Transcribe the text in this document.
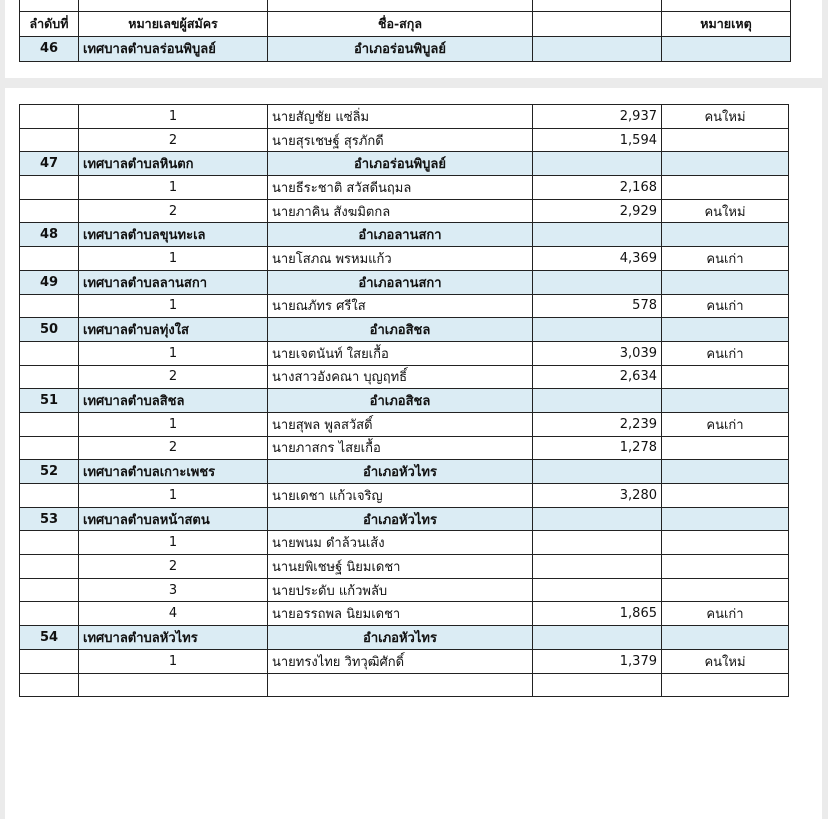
ลำดับที่	หมายเลขผู้สมัคร	ชื่อ-สกุล		หมายเหตุ
46	เทศบาลตำบลร่อนพิบูลย์	อำเภอร่อนพิบูลย์		
	1	นายสัญชัย แซ่ลิ่ม	2,937	คนใหม่
	2	นายสุรเชษฐ์ สุรภักดี	1,594	
47	เทศบาลตำบลหินตก	อำเภอร่อนพิบูลย์		
	1	นายธีระชาติ สวัสดีนฤมล	2,168	
	2	นายภาคิน สังฆมิตกล	2,929	คนใหม่
48	เทศบาลตำบลขุนทะเล	อำเภอลานสกา		
	1	นายโสภณ พรหมแก้ว	4,369	คนเก่า
49	เทศบาลตำบลลานสกา	อำเภอลานสกา		
	1	นายณภัทร ศรีใส	578	คนเก่า
50	เทศบาลตำบลทุ่งใส	อำเภอสิชล		
	1	นายเจตนันท์ ใสยเกื้อ	3,039	คนเก่า
	2	นางสาวอังคณา บุญฤทธิ์	2,634	
51	เทศบาลตำบลสิชล	อำเภอสิชล		
	1	นายสุพล พูลสวัสดิ์	2,239	คนเก่า
	2	นายภาสกร ไสยเกื้อ	1,278	
52	เทศบาลตำบลเกาะเพชร	อำเภอหัวไทร		
	1	นายเดชา แก้วเจริญ	3,280	
53	เทศบาลตำบลหน้าสตน	อำเภอหัวไทร		
	1	นายพนม ดำล้วนเส้ง		
	2	นานยพิเชษฐ์ นิยมเดชา		
	3	นายประดับ แก้วพลับ		
	4	นายอรรถพล นิยมเดชา	1,865	คนเก่า
54	เทศบาลตำบลหัวไทร	อำเภอหัวไทร		
	1	นายทรงไทย วิทวุฒิศักดิ์	1,379	คนใหม่
